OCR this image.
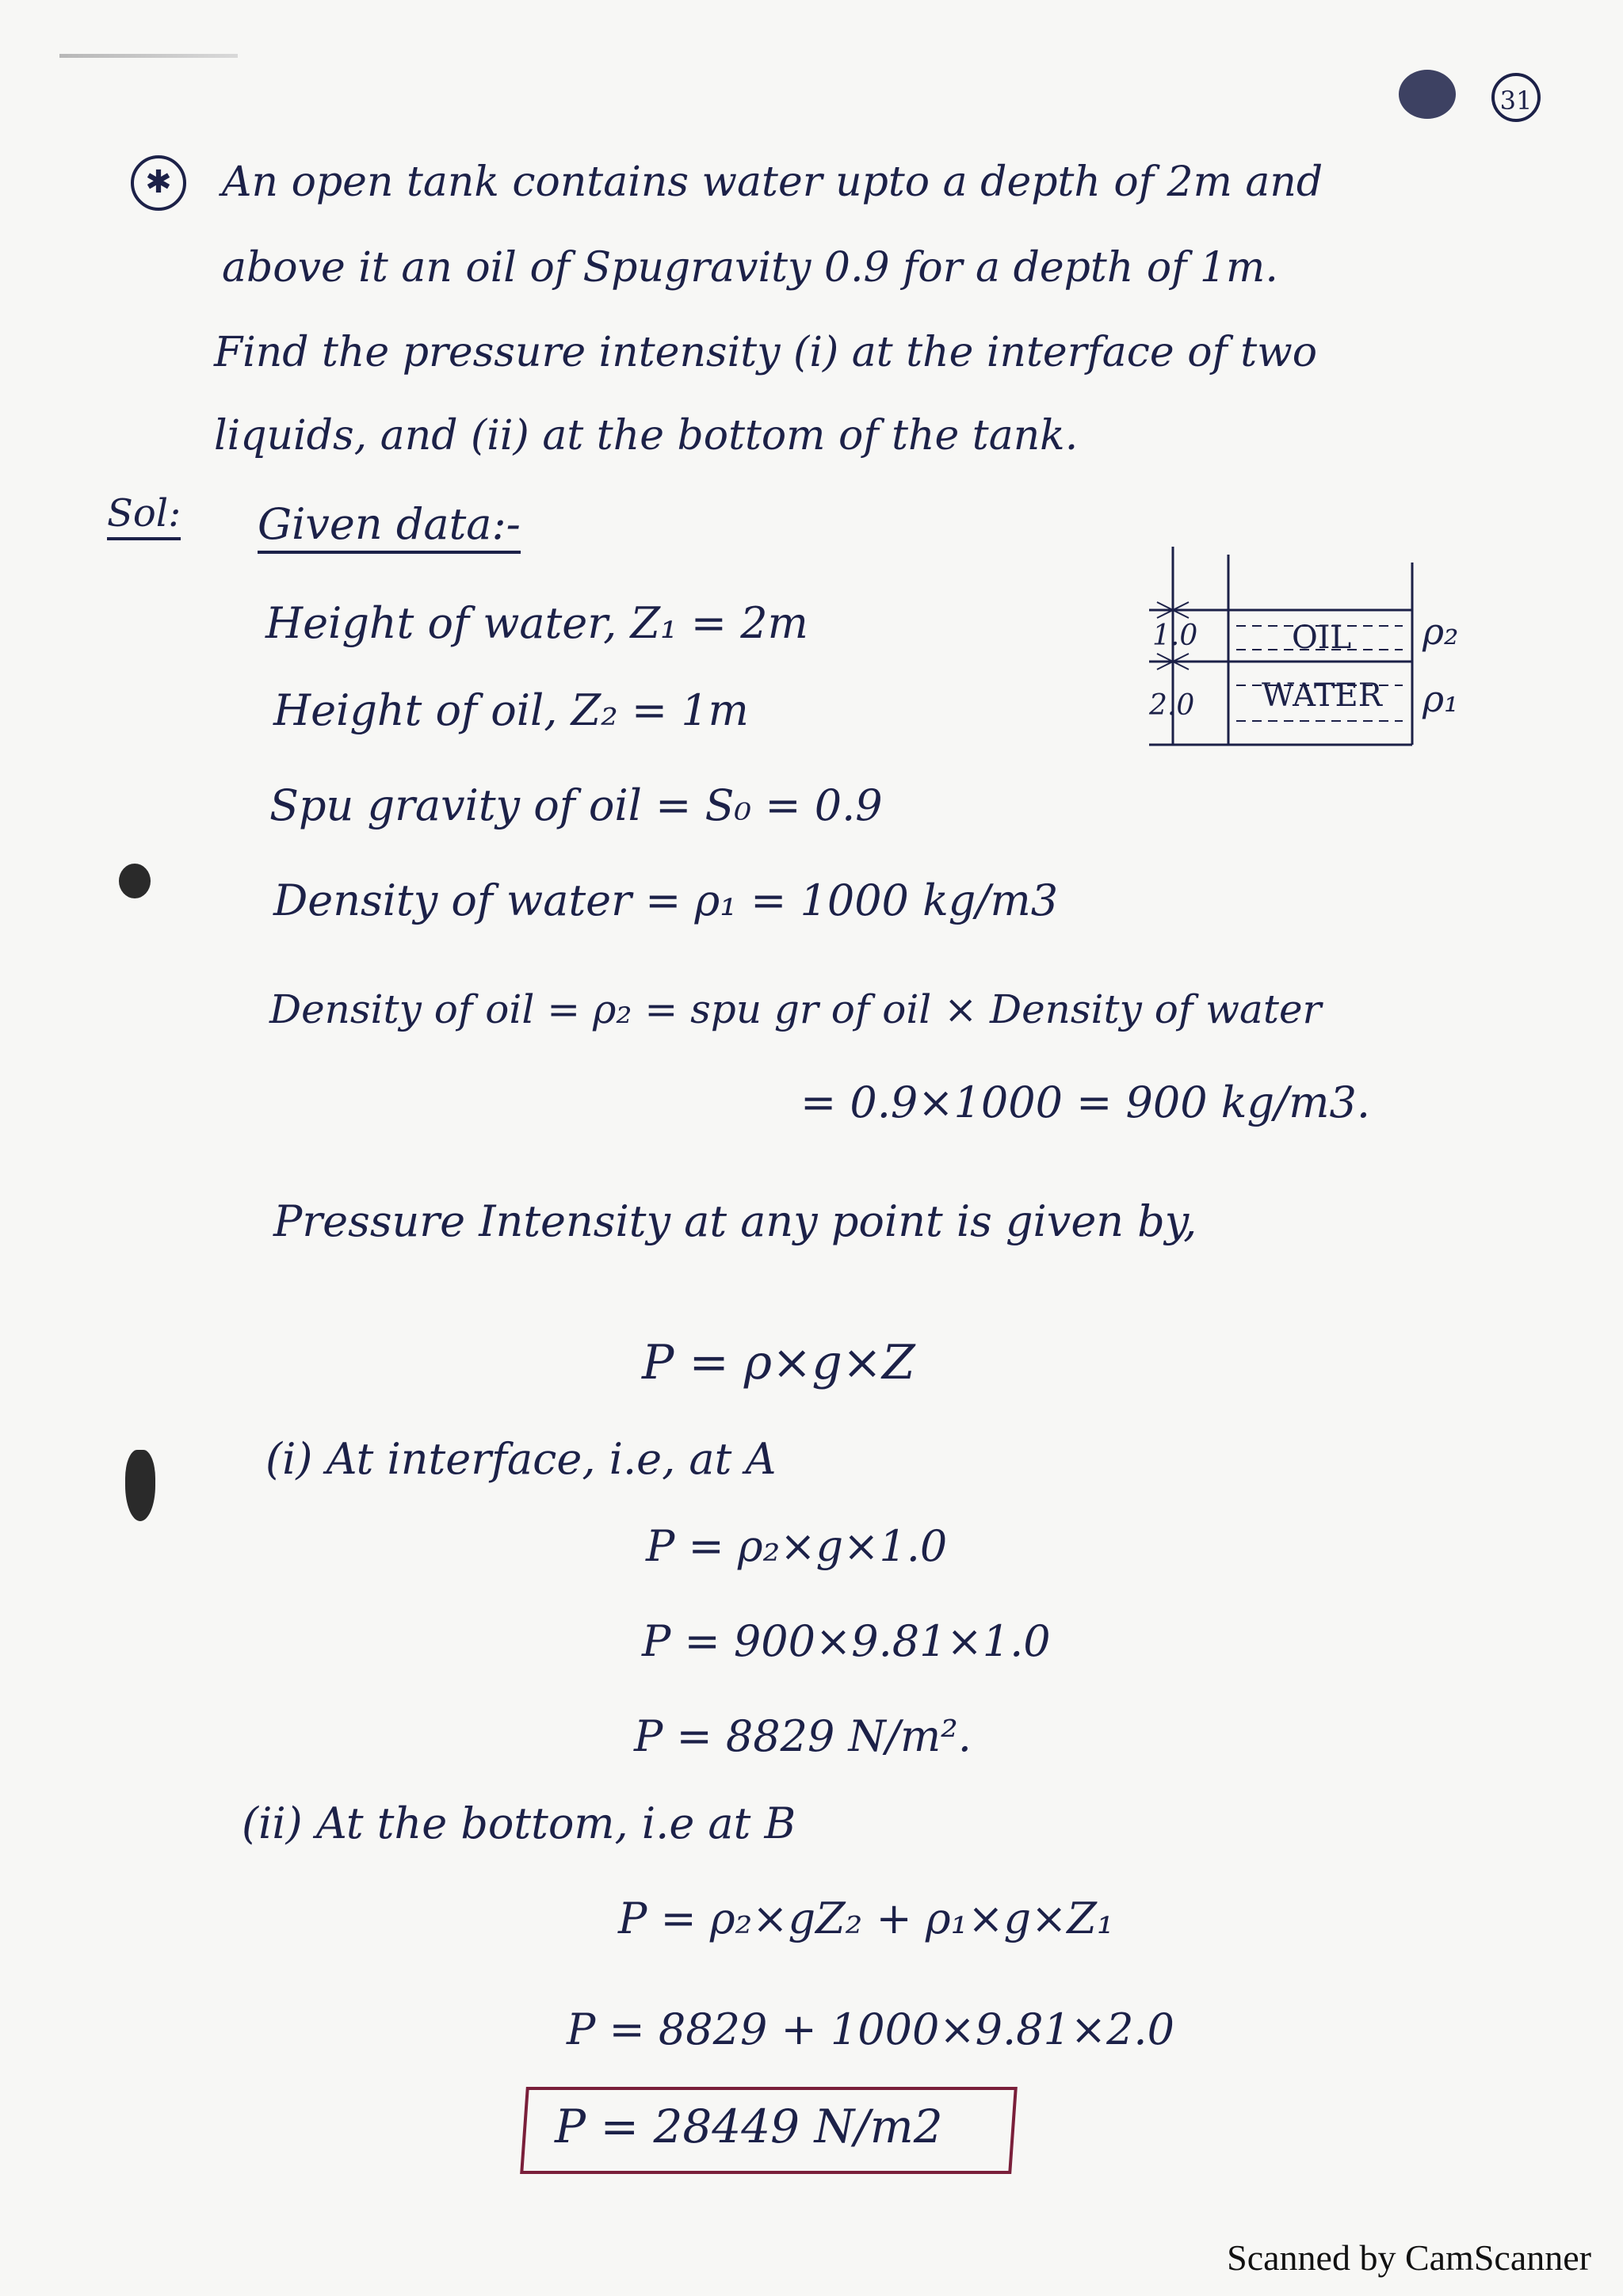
31
✱	An open tank contains water upto a depth of 2m and
above it an oil of Spugravity 0.9 for a depth of 1m.
Find the pressure intensity (i) at the interface of two
liquids, and (ii) at the bottom of the tank.
Sol: Given data:-
Height of water, Z₁ = 2m
Height of oil, Z₂ = 1m
Spu gravity of oil = S₀ = 0.9
Density of water = ρ₁ = 1000 kg/m3
Density of oil = ρ₂ = spu gr of oil × Density of water
= 0.9×1000 = 900 kg/m3.
Pressure Intensity at any point is given by,
P = ρ×g×Z
(i) At interface, i.e, at A
P = ρ₂×g×1.0
P = 900×9.81×1.0
P = 8829 N/m².
(ii) At the bottom, i.e at B
P = ρ₂×gZ₂ + ρ₁×g×Z₁
P = 8829 + 1000×9.81×2.0
P = 28449 N/m2
1.0
2.0
OIL
WATER
ρ₂
ρ₁
Scanned by CamScanner
